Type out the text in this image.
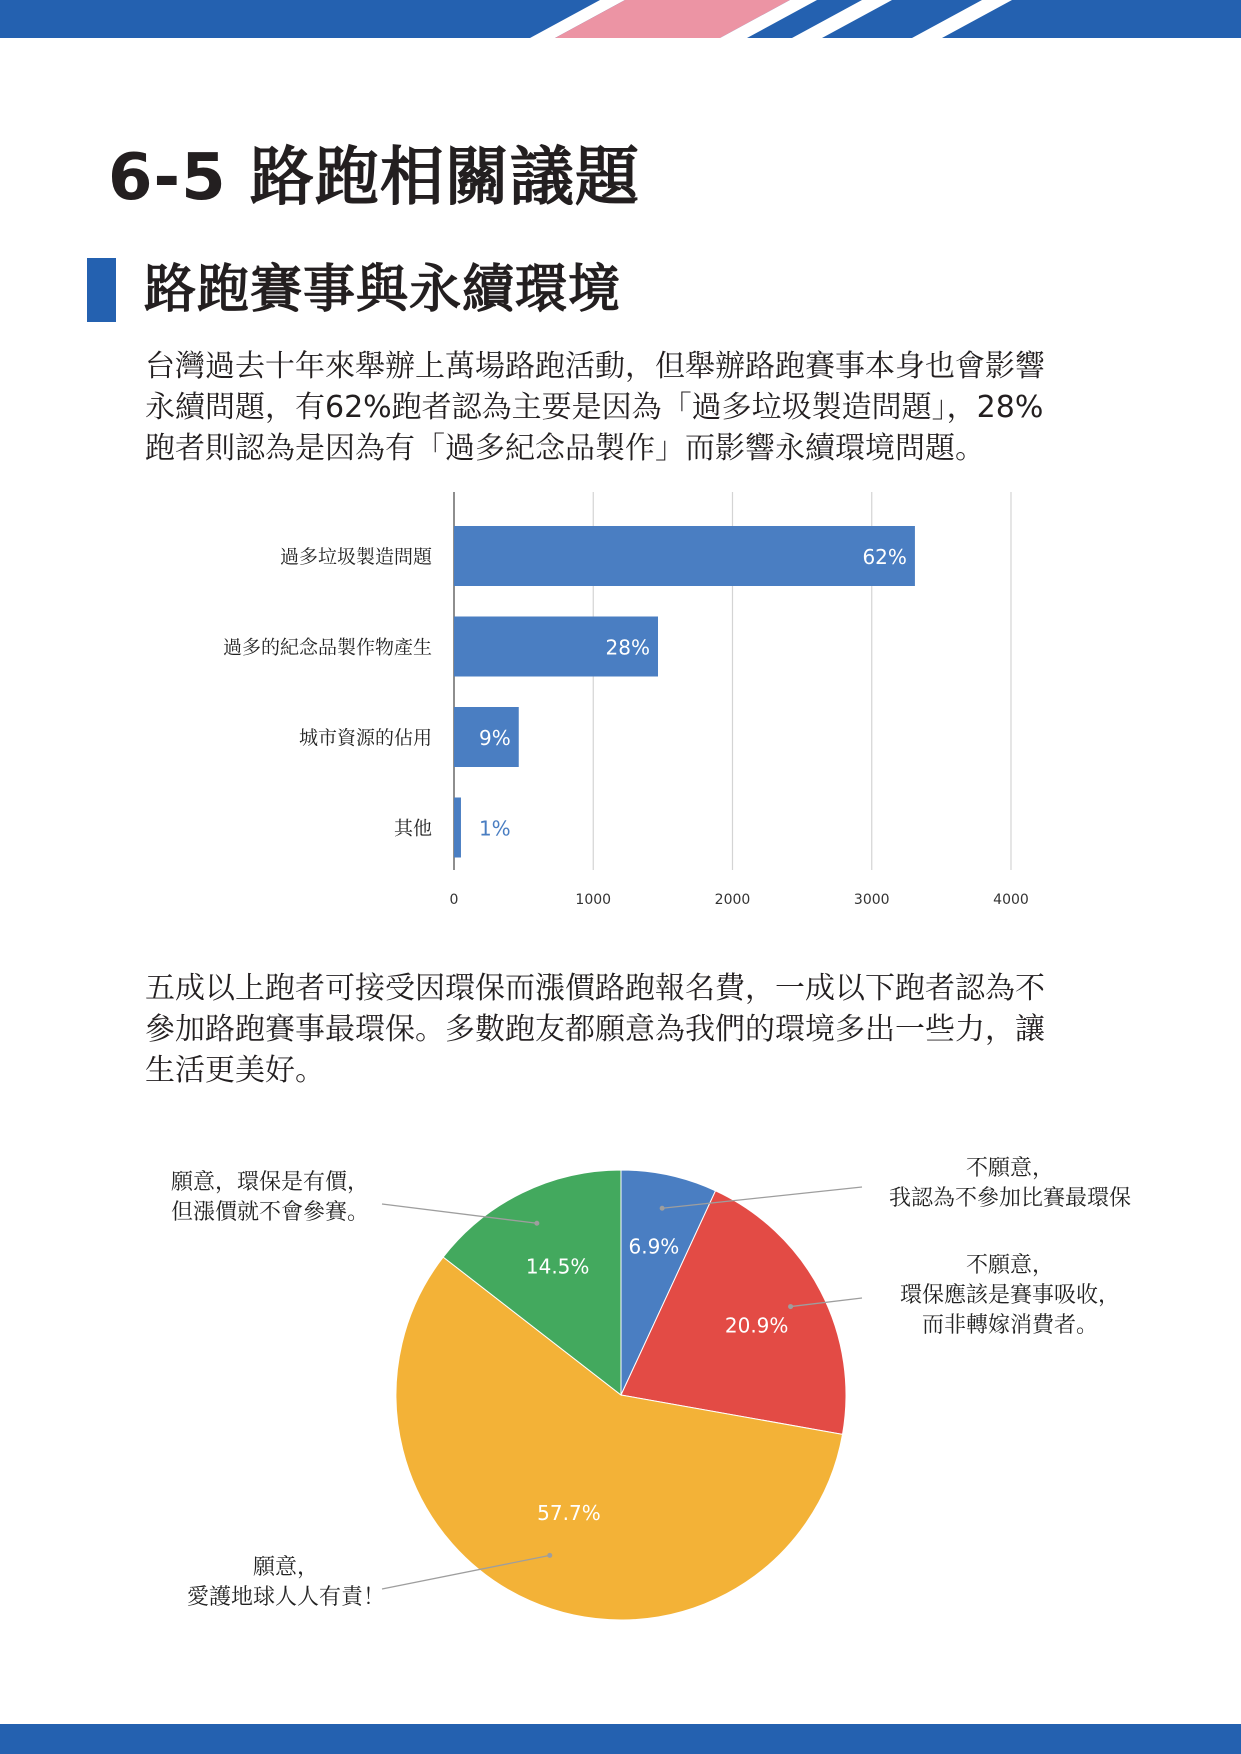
6-5 路跑相關議題
路跑賽事與永續環境

台灣過去十年來舉辦上萬場路跑活動，但舉辦路跑賽事本身也會影響
永續問題，有62%跑者認為主要是因為「過多垃圾製造問題」，28%
跑者則認為是因為有「過多紀念品製作」而影響永續環境問題。

62%
28%
9%
1%
過多垃圾製造問題
過多的紀念品製作物產生
城市資源的佔用
其他
0	1000	2000	3000	4000

五成以上跑者可接受因環保而漲價路跑報名費，一成以下跑者認為不
參加路跑賽事最環保。多數跑友都願意為我們的環境多出一些力，讓
生活更美好。

6.9%
20.9%
57.7%
14.5%
不願意，
我認為不參加比賽最環保
不願意，
環保應該是賽事吸收，
而非轉嫁消費者。
願意，
愛護地球人人有責！
願意，環保是有價，
但漲價就不會參賽。
